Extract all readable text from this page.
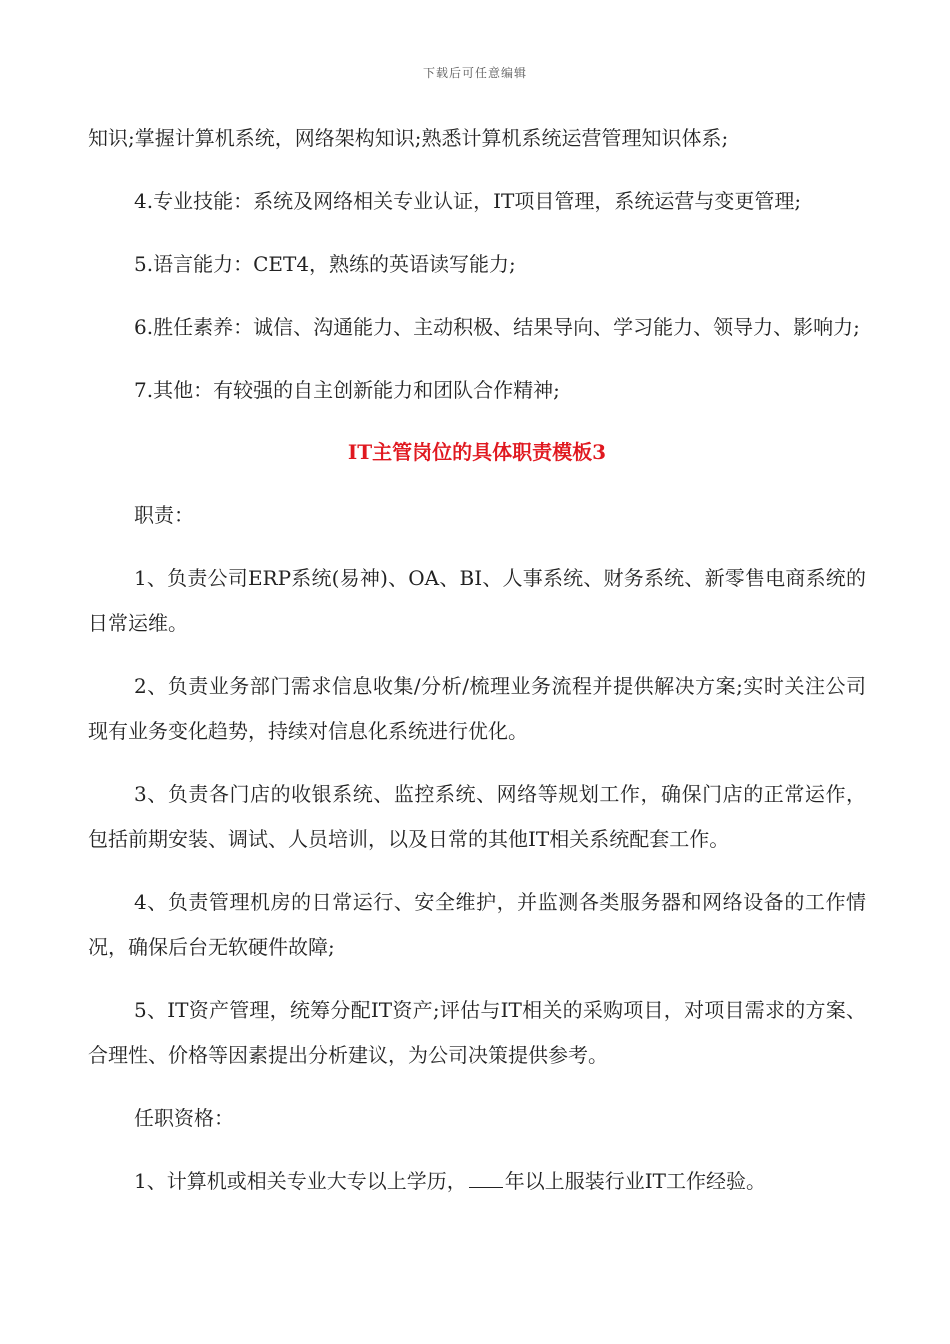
下载后可任意编辑

知识;掌握计算机系统，网络架构知识;熟悉计算机系统运营管理知识体系;

4.专业技能：系统及网络相关专业认证，IT项目管理，系统运营与变更管理;

5.语言能力：CET4，熟练的英语读写能力;

6.胜任素养：诚信、沟通能力、主动积极、结果导向、学习能力、领导力、影响力;

7.其他：有较强的自主创新能力和团队合作精神;

IT主管岗位的具体职责模板3

职责：

1、负责公司ERP系统(易神)、OA、BI、人事系统、财务系统、新零售电商系统的日常运维。

2、负责业务部门需求信息收集/分析/梳理业务流程并提供解决方案;实时关注公司现有业务变化趋势，持续对信息化系统进行优化。

3、负责各门店的收银系统、监控系统、网络等规划工作，确保门店的正常运作，包括前期安装、调试、人员培训，以及日常的其他IT相关系统配套工作。

4、负责管理机房的日常运行、安全维护，并监测各类服务器和网络设备的工作情况，确保后台无软硬件故障;

5、IT资产管理，统筹分配IT资产;评估与IT相关的采购项目，对项目需求的方案、合理性、价格等因素提出分析建议，为公司决策提供参考。

任职资格：

1、计算机或相关专业大专以上学历， 年以上服装行业IT工作经验。
